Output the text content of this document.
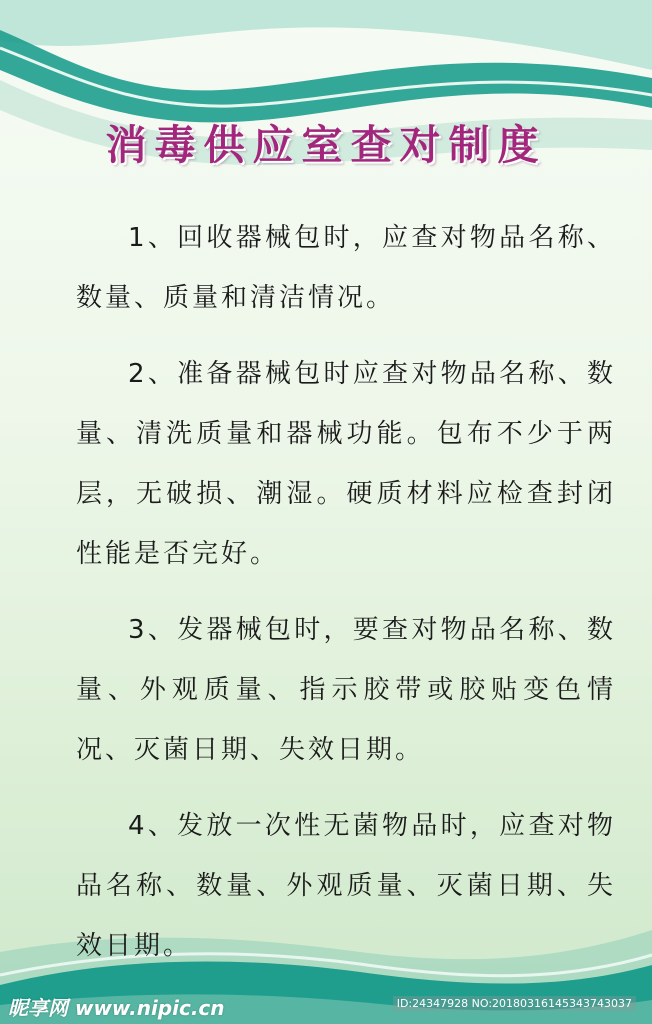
消毒供应室查对制度

1、回收器械包时，应查对物品名称、数量、质量和清洁情况。

2、准备器械包时应查对物品名称、数量、清洗质量和器械功能。包布不少于两层，无破损、潮湿。硬质材料应检查封闭性能是否完好。

3、发器械包时，要查对物品名称、数量、外观质量、指示胶带或胶贴变色情况、灭菌日期、失效日期。

4、发放一次性无菌物品时，应查对物品名称、数量、外观质量、灭菌日期、失效日期。

昵享网 www.nipic.cn	ID:24347928 NO:20180316145343743037
